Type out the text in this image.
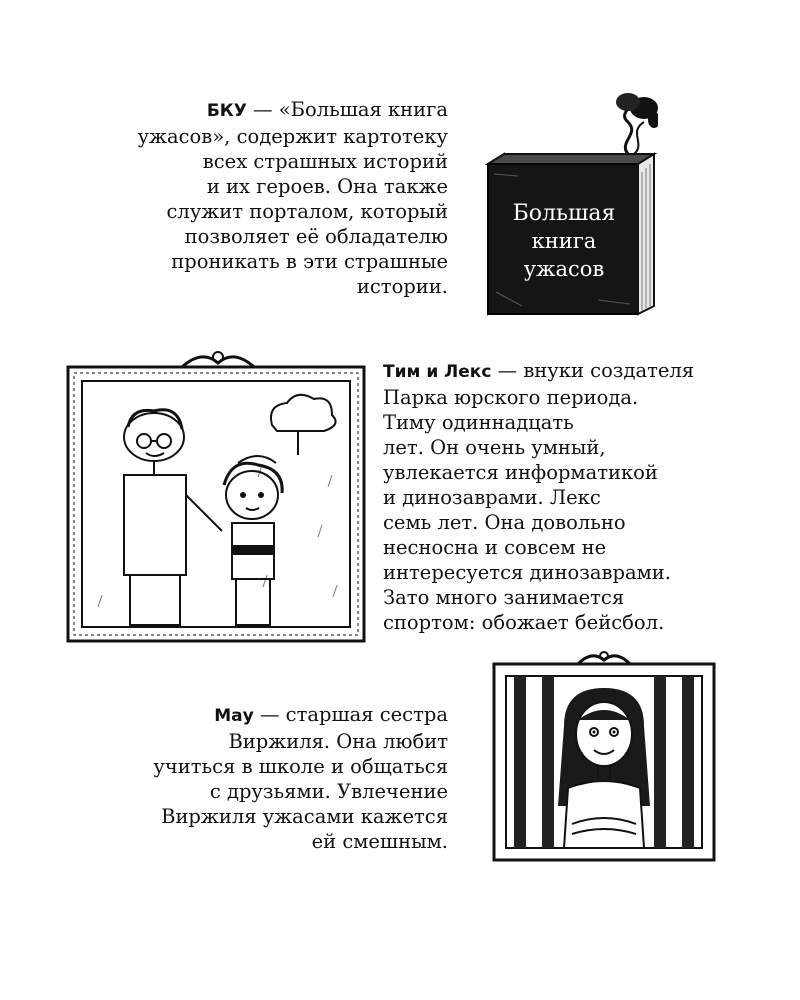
БКУ — «Большая книга
ужасов», содержит картотеку
всех страшных историй
и их героев. Она также
служит порталом, который
позволяет её обладателю
проникать в эти страшные
истории.
Большая
книга
ужасов
Тим и Лекс — внуки создателя
Парка юрского периода.
Тиму одиннадцать
лет. Он очень умный,
увлекается информатикой
и динозаврами. Лекс
семь лет. Она довольно
несносна и совсем не
интересуется динозаврами.
Зато много занимается
спортом: обожает бейсбол.
Мау — старшая сестра
Виржиля. Она любит
учиться в школе и общаться
с друзьями. Увлечение
Виржиля ужасами кажется
ей смешным.
